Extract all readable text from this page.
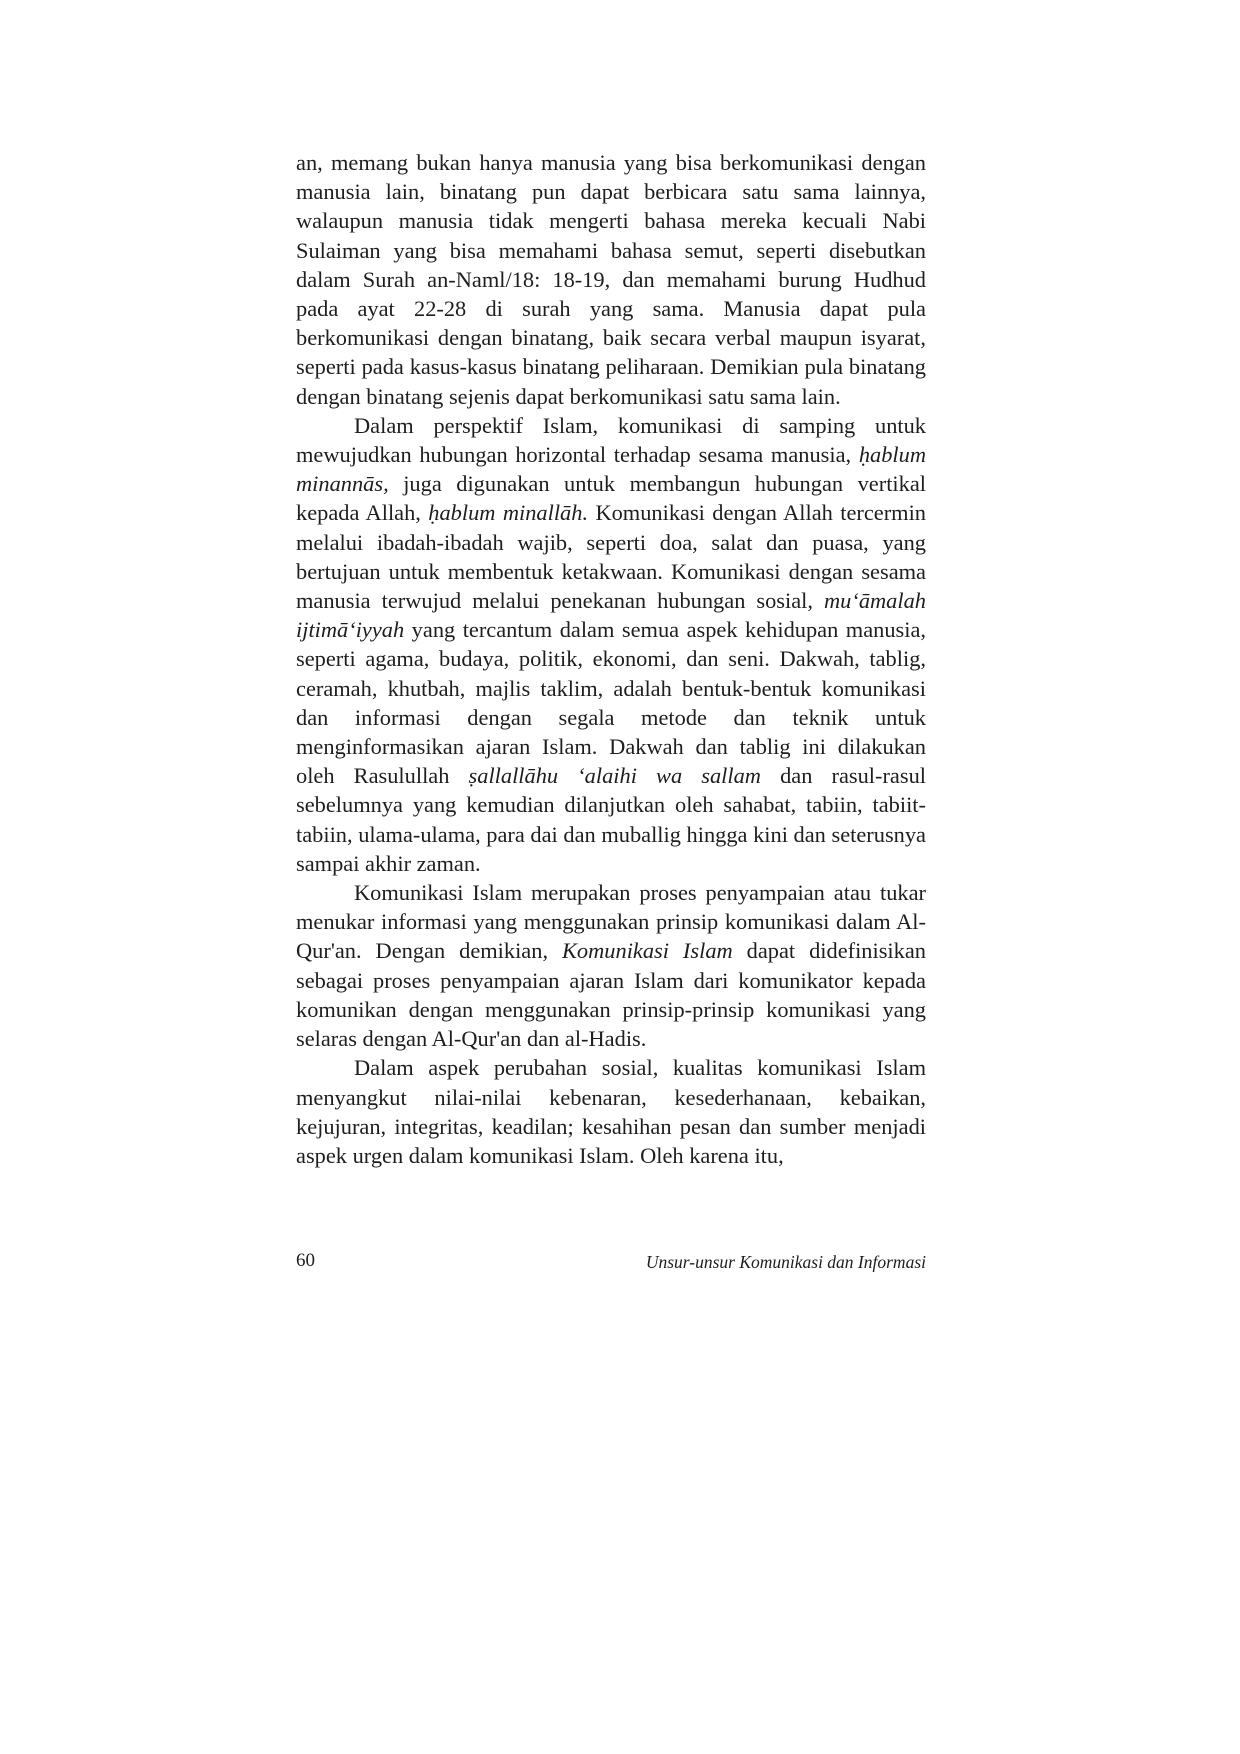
an, memang bukan hanya manusia yang bisa berkomunikasi dengan manusia lain, binatang pun dapat berbicara satu sama lainnya, walaupun manusia tidak mengerti bahasa mereka kecuali Nabi Sulaiman yang bisa memahami bahasa semut, seperti disebutkan dalam Surah an-Naml/18: 18-19, dan memahami burung Hudhud pada ayat 22-28 di surah yang sama. Manusia dapat pula berkomunikasi dengan binatang, baik secara verbal maupun isyarat, seperti pada kasus-kasus binatang peliharaan. Demikian pula binatang dengan binatang sejenis dapat berkomunikasi satu sama lain.

Dalam perspektif Islam, komunikasi di samping untuk mewujudkan hubungan horizontal terhadap sesama manusia, ḥablum minannās, juga digunakan untuk membangun hubungan vertikal kepada Allah, ḥablum minallāh. Komunikasi dengan Allah tercermin melalui ibadah-ibadah wajib, seperti doa, salat dan puasa, yang bertujuan untuk membentuk ketakwaan. Komunikasi dengan sesama manusia terwujud melalui penekanan hubungan sosial, mu‘āmalah ijtimā‘iyyah yang tercantum dalam semua aspek kehidupan manusia, seperti agama, budaya, politik, ekonomi, dan seni. Dakwah, tablig, ceramah, khutbah, majlis taklim, adalah bentuk-bentuk komunikasi dan informasi dengan segala metode dan teknik untuk menginformasikan ajaran Islam. Dakwah dan tablig ini dilakukan oleh Rasulullah ṣallallāhu ‘alaihi wa sallam dan rasul-rasul sebelumnya yang kemudian dilanjutkan oleh sahabat, tabiin, tabiit-tabiin, ulama-ulama, para dai dan muballig hingga kini dan seterusnya sampai akhir zaman.

Komunikasi Islam merupakan proses penyampaian atau tukar menukar informasi yang menggunakan prinsip komunikasi dalam Al-Qur'an. Dengan demikian, Komunikasi Islam dapat didefinisikan sebagai proses penyampaian ajaran Islam dari komunikator kepada komunikan dengan menggunakan prinsip-prinsip komunikasi yang selaras dengan Al-Qur'an dan al-Hadis.

Dalam aspek perubahan sosial, kualitas komunikasi Islam menyangkut nilai-nilai kebenaran, kesederhanaan, kebaikan, kejujuran, integritas, keadilan; kesahihan pesan dan sumber menjadi aspek urgen dalam komunikasi Islam. Oleh karena itu,

60	Unsur-unsur Komunikasi dan Informasi
